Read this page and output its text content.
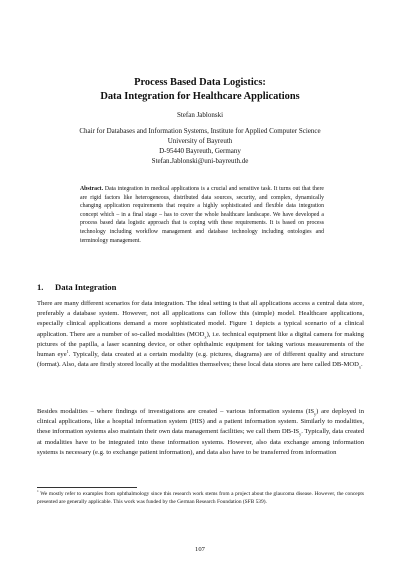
Process Based Data Logistics:
Data Integration for Healthcare Applications
Stefan Jablonski
Chair for Databases and Information Systems, Institute for Applied Computer Science
University of Bayreuth
D-95440 Bayreuth, Germany
Stefan.Jablonski@uni-bayreuth.de
Abstract. Data integration in medical applications is a crucial and sensitive task. It turns out that there are rigid factors like heterogeneous, distributed data sources, security, and complex, dynamically changing application requirements that require a highly sophisticated and flexible data integration concept which – in a final stage – has to cover the whole healthcare landscape. We have developed a process based data logistic approach that is coping with these requirements. It is based on process technology including workflow management and database technology including ontologies and terminology management.
1. Data Integration
There are many different scenarios for data integration. The ideal setting is that all applications access a central data store, preferably a database system. However, not all applications can follow this (simple) model. Healthcare applications, especially clinical applications demand a more sophisticated model. Figure 1 depicts a typical scenario of a clinical application. There are a number of so-called modalities $(MOD_x)$, i.e. technical equipment like a digital camera for making pictures of the papilla, a laser scanning device, or other ophthalmic equipment for taking various measurements of the human eye$^1$. Typically, data created at a certain modality (e.g. pictures, diagrams) are of different quality and structure (format). Also, data are firstly stored locally at the modalities themselves; these local data stores are here called $DB-MOD_x$.
Besides modalities – where findings of investigations are created – various information systems $(IS_y)$ are deployed in clinical applications, like a hospital information system (HIS) and a patient information system. Similarly to modalities, these information systems also maintain their own data management facilities; we call them $DB-IS_y$. Typically, data created at modalities have to be integrated into these information systems. However, also data exchange among information systems is necessary (e.g. to exchange patient information), and data also have to be transferred from information
$^1$ We mostly refer to examples from ophthalmology since this research work stems from a project about the glaucoma disease. However, the concepts presented are generally applicable. This work was funded by the German Research Foundation (SFB 539).
107
